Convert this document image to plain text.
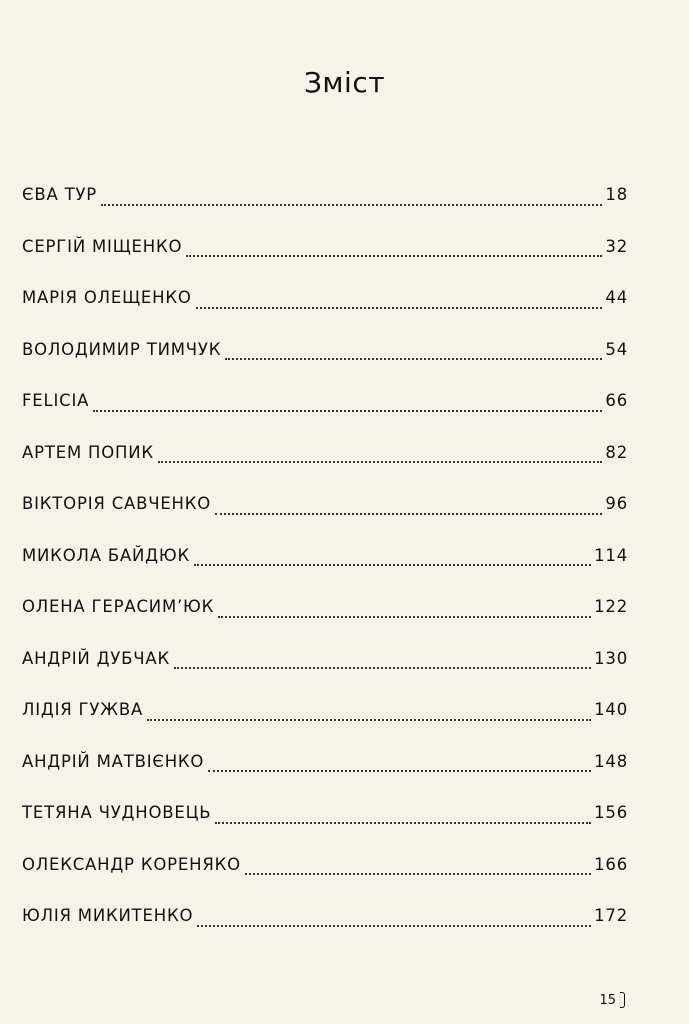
Зміст
ЄВА ТУР	18
СЕРГІЙ МІЩЕНКО	32
МАРІЯ ОЛЕЩЕНКО	44
ВОЛОДИМИР ТИМЧУК	54
FELICIA	66
АРТЕМ ПОПИК	82
ВІКТОРІЯ САВЧЕНКО	96
МИКОЛА БАЙДЮК	114
ОЛЕНА ГЕРАСИМ’ЮК	122
АНДРІЙ ДУБЧАК	130
ЛІДІЯ ГУЖВА	140
АНДРІЙ МАТВІЄНКО	148
ТЕТЯНА ЧУДНОВЕЦЬ	156
ОЛЕКСАНДР КОРЕНЯКО	166
ЮЛІЯ МИКИТЕНКО	172
15
